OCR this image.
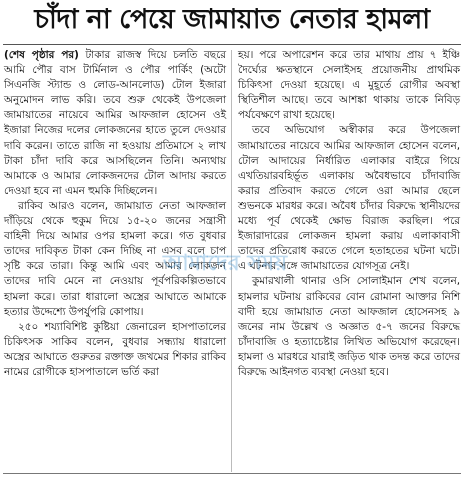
চাঁদা না পেয়ে জামায়াত নেতার হামলা

(শেষ পৃষ্ঠার পর) টাকার রাজস্ব দিয়ে চলতি বছরে আমি পৌর বাস টার্মিনাল ও পৌর পার্কিং (অটো সিএনজি স্ট্যান্ড ও লোড-আনলোড) টোল ইজারা অনুমোদন লাভ করি। তবে শুরু থেকেই উপজেলা জামায়াতের নায়েবে আমির আফজাল হোসেন ওই ইজারা নিজের দলের লোকজনের হাতে তুলে দেওয়ার দাবি করেন। তাতে রাজি না হওয়ায় প্রতিমাসে ২ লাখ টাকা চাঁদা দাবি করে আসছিলেন তিনি। অন্যথায় আমাকে ও আমার লোকজনদের টোল আদায় করতে দেওয়া হবে না এমন হুমকি দিচ্ছিলেন।

রাকিব আরও বলেন, জামায়াত নেতা আফজাল দাঁড়িয়ে থেকে হুকুম দিয়ে ১৫-২০ জনের সন্ত্রাসী বাহিনী দিয়ে আমার ওপর হামলা করে। গত বুধবার তাদের দাবিকৃত টাকা কেন দিচ্ছি না এসব বলে চাপ সৃষ্টি করে তারা। কিন্তু আমি এবং আমার লোকজন তাদের দাবি মেনে না নেওয়ায় পূর্বপরিকল্পিতভাবে হামলা করে। তারা ধারালো অস্ত্রের আঘাতে আমাকে হত্যার উদ্দেশ্যে উপর্যুপরি কোপায়।

২৫০ শয্যাবিশিষ্ট কুষ্টিয়া জেনারেল হাসপাতালের চিকিৎসক সাকিব বলেন, বুধবার সন্ধ্যায় ধারালো অস্ত্রের আঘাতে গুরুতর রক্তাক্ত জখমের শিকার রাকিব নামের রোগীকে হাসপাতালে ভর্তি করা

হয়। পরে অপারেশন করে তার মাথায় প্রায় ৭ ইঞ্চি দৈর্ঘ্যের ক্ষতস্থানে সেলাইসহ প্রয়োজনীয় প্রাথমিক চিকিৎসা দেওয়া হয়েছে। এ মুহূর্তে রোগীর অবস্থা স্থিতিশীল আছে। তবে আশঙ্কা থাকায় তাকে নিবিড় পর্যবেক্ষণে রাখা হয়েছে।

তবে অভিযোগ অস্বীকার করে উপজেলা জামায়াতের নায়েবে আমির আফজাল হোসেন বলেন, টোল আদায়ের নির্ধারিত এলাকার বাইরে গিয়ে এখতিয়ারবহির্ভূত এলাকায় অবৈধভাবে চাঁদাবাজি করার প্রতিবাদ করতে গেলে ওরা আমার ছেলে শুভনকে মারধর করে। অবৈধ চাঁদার বিরুদ্ধে স্থানীয়দের মধ্যে পূর্ব থেকেই ক্ষোভ বিরাজ করছিল। পরে ইজারাদারের লোকজন হামলা করায় এলাকাবাসী তাদের প্রতিরোধ করতে গেলে হতাহতের ঘটনা ঘটে। এ ঘটনার সঙ্গে জামায়াতের যোগসূত্র নেই।

কুমারখালী থানার ওসি সোলাইমান শেখ বলেন, হামলার ঘটনায় রাকিবের বোন রোমানা আক্তার নিশি বাদী হয়ে জামায়াত নেতা আফজাল হোসেনসহ ৯ জনের নাম উল্লেখ ও অজ্ঞাত ৫-৭ জনের বিরুদ্ধে চাঁদাবাজি ও হত্যাচেষ্টার লিখিত অভিযোগ করেছেন। হামলা ও মারধরে যারাই জড়িত থাক তদন্ত করে তাদের বিরুদ্ধে আইনগত ব্যবস্থা নেওয়া হবে।

আমাদের সময়
